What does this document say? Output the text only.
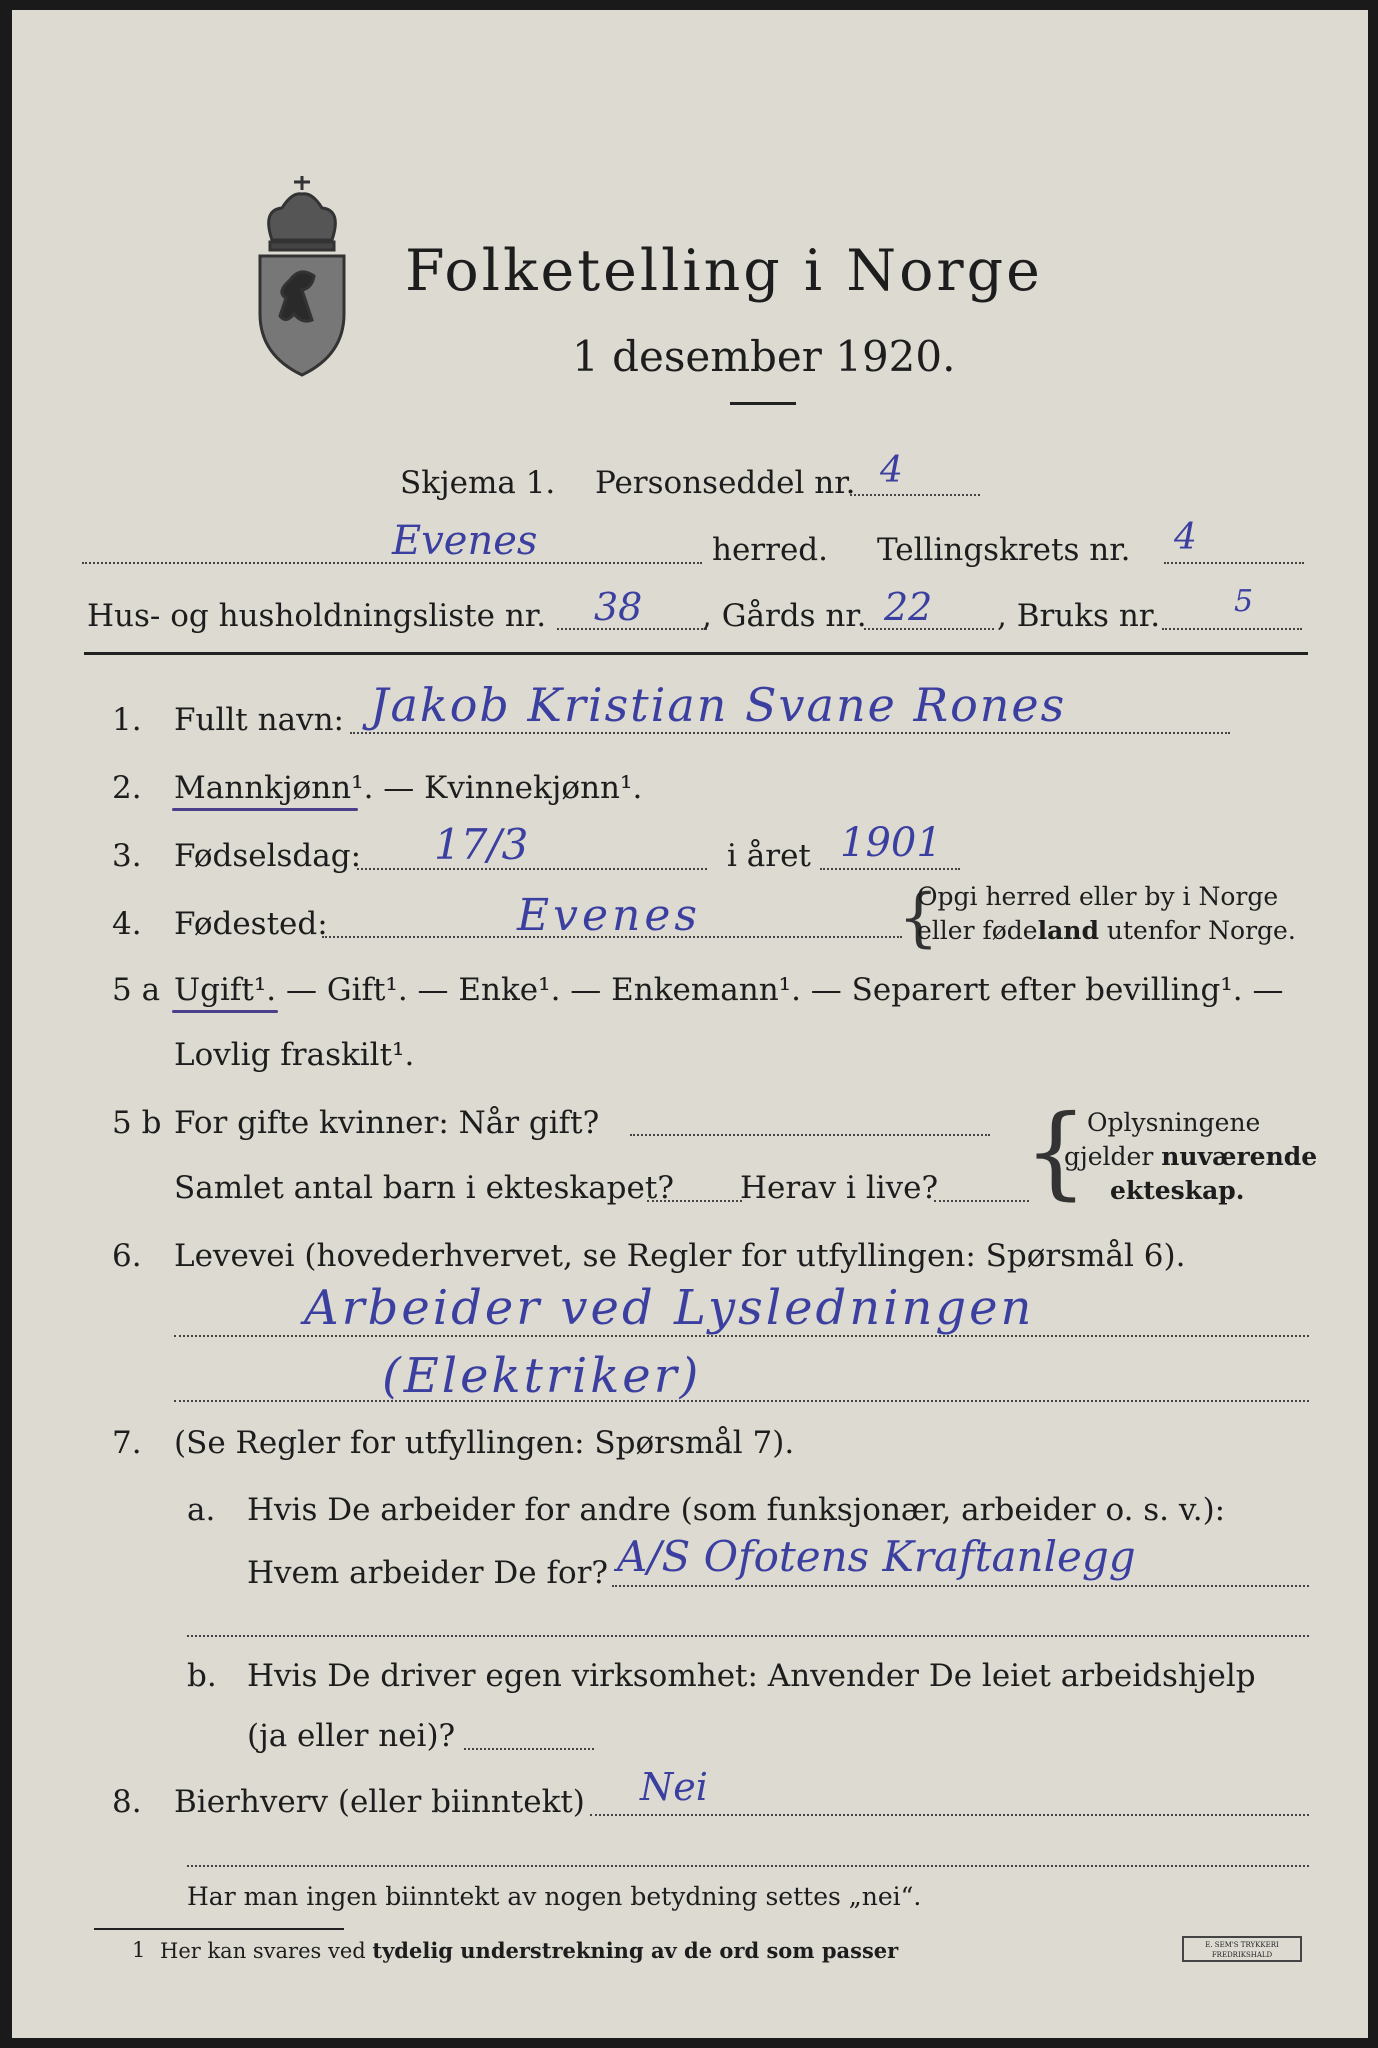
Folketelling i Norge
1 desember 1920.
Skjema 1. Personseddel nr. 4
Evenes	herred. Tellingskrets nr. 4
Hus- og husholdningsliste nr. 38 , Gårds nr. 22 , Bruks nr. 5
1. Fullt navn: Jakob Kristian Svane Rones
2. Mannkjønn¹. — Kvinnekjønn¹.
3. Fødselsdag: 17/3	i året 1901
4. Fødested:	Evenes	{
Opgi herred eller by i Norge
eller fødeland utenfor Norge.
5 a Ugift¹. — Gift¹. — Enke¹. — Enkemann¹. — Separert efter bevilling¹. —
Lovlig fraskilt¹.
5 b For gifte kvinner: Når gift?
Samlet antal barn i ekteskapet? Herav i live? { Oplysningene
gjelder nuværende
ekteskap.
6. Levevei (hovederhvervet, se Regler for utfyllingen: Spørsmål 6).
Arbeider ved Lysledningen
(Elektriker)
7. (Se Regler for utfyllingen: Spørsmål 7).
a. Hvis De arbeider for andre (som funksjonær, arbeider o. s. v.):
Hvem arbeider De for? A/S Ofotens Kraftanlegg
b. Hvis De driver egen virksomhet: Anvender De leiet arbeidshjelp
(ja eller nei)?
8. Bierhverv (eller biinntekt) Nei
Har man ingen biinntekt av nogen betydning settes „nei“.
1 Her kan svares ved tydelig understrekning av de ord som passer	E. SEM'S TRYKKERI FREDRIKSHALD
